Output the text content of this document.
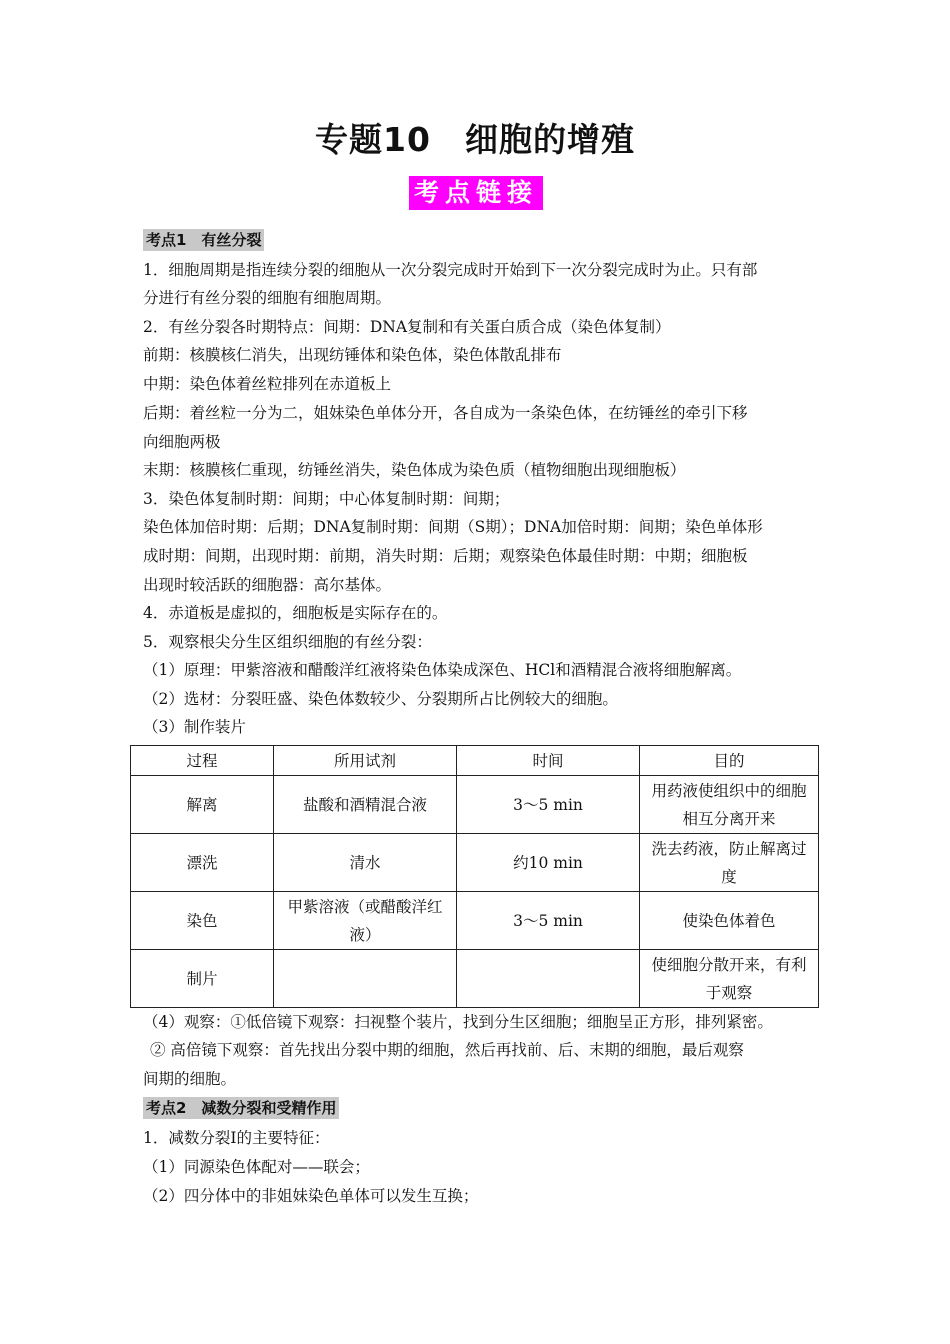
专题10　细胞的增殖
考点链接
考点1　有丝分裂
1．细胞周期是指连续分裂的细胞从一次分裂完成时开始到下一次分裂完成时为止。只有部
分进行有丝分裂的细胞有细胞周期。
2．有丝分裂各时期特点：间期：DNA复制和有关蛋白质合成（染色体复制）
前期：核膜核仁消失，出现纺锤体和染色体，染色体散乱排布
中期：染色体着丝粒排列在赤道板上
后期：着丝粒一分为二，姐妹染色单体分开，各自成为一条染色体，在纺锤丝的牵引下移
向细胞两极
末期：核膜核仁重现，纺锤丝消失，染色体成为染色质（植物细胞出现细胞板）
3．染色体复制时期：间期；中心体复制时期：间期；
染色体加倍时期：后期；DNA复制时期：间期（S期）；DNA加倍时期：间期；染色单体形
成时期：间期，出现时期：前期，消失时期：后期；观察染色体最佳时期：中期；细胞板
出现时较活跃的细胞器：高尔基体。
4．赤道板是虚拟的，细胞板是实际存在的。
5．观察根尖分生区组织细胞的有丝分裂：
（1）原理：甲紫溶液和醋酸洋红液将染色体染成深色、HCl和酒精混合液将细胞解离。
（2）选材：分裂旺盛、染色体数较少、分裂期所占比例较大的细胞。
（3）制作装片
过程	所用试剂	时间	目的
解离	盐酸和酒精混合液	3～5 min	用药液使组织中的细胞相互分离开来
漂洗	清水	约10 min	洗去药液，防止解离过度
染色	甲紫溶液（或醋酸洋红液）	3～5 min	使染色体着色
制片			使细胞分散开来，有利于观察
（4）观察：①低倍镜下观察：扫视整个装片，找到分生区细胞；细胞呈正方形，排列紧密。
② 高倍镜下观察：首先找出分裂中期的细胞，然后再找前、后、末期的细胞，最后观察
间期的细胞。
考点2　减数分裂和受精作用
1．减数分裂Ⅰ的主要特征：
（1）同源染色体配对——联会；
（2）四分体中的非姐妹染色单体可以发生互换；
